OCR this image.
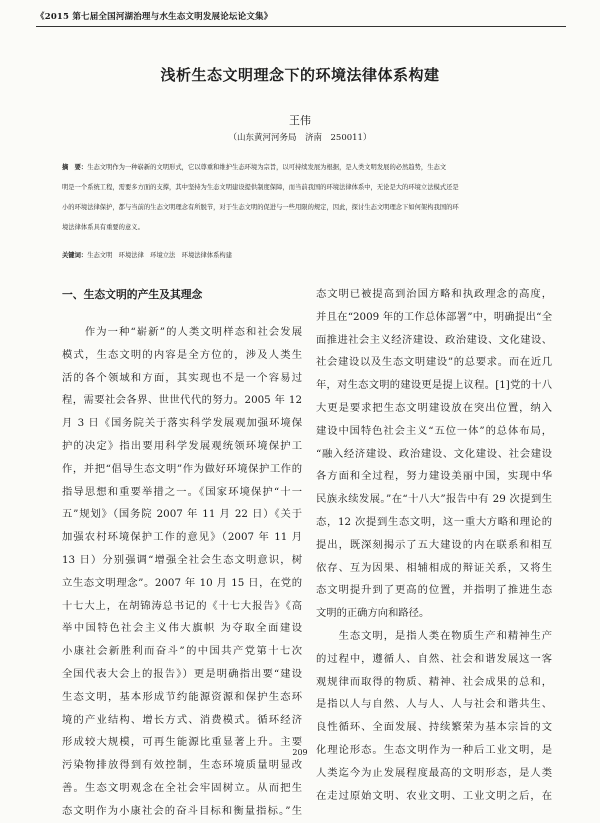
《2015 第七届全国河湖治理与水生态文明发展论坛论文集》
浅析生态文明理念下的环境法律体系构建
王伟
（山东黄河河务局　济南　250011）
摘　要：生态文明作为一种崭新的文明形式，它以尊重和维护生态环境为宗旨，以可持续发展为根据，是人类文明发展的必然趋势，生态文
明是一个系统工程，需要多方面的支撑，其中坚持为生态文明建设提供制度保障，而当前我国的环境法律体系中，无论是大的环境立法模式还是
小的环境法律保护，都与当前的生态文明理念有所脱节，对于生态文明的促进与一些用限的规定，因此，探讨生态文明理念下如何架构我国的环
境法律体系具有重要的意义。
关键词：生态文明　环境法律　环境立法　环境法律体系构建
一、生态文明的产生及其理念
　　作为一种“崭新”的人类文明样态和社会发展
模式，生态文明的内容是全方位的，涉及人类生
活的各个领域和方面，其实现也不是一个容易过
程，需要社会各界、世世代代的努力。2005 年 12
月 3 日《国务院关于落实科学发展观加强环境保
护的决定》指出要用科学发展观统领环境保护工
作，并把“倡导生态文明”作为做好环境保护工作的
指导思想和重要举措之一。《国家环境保护“十一
五”规划》（国务院 2007 年 11 月 22 日）《关于
加强农村环境保护工作的意见》（2007 年 11 月
13 日）分别强调“增强全社会生态文明意识，树
立生态文明理念”。2007 年 10 月 15 日，在党的
十七大上，在胡锦涛总书记的《十七大报告》《高
举中国特色社会主义伟大旗帜 为夺取全面建设
小康社会新胜利而奋斗”的中国共产党第十七次
全国代表大会上的报告》）更是明确指出要“建设
生态文明，基本形成节约能源资源和保护生态环
境的产业结构、增长方式、消费模式。循环经济
形成较大规模，可再生能源比重显著上升。主要
污染物排放得到有效控制，生态环境质量明显改
善。生态文明观念在全社会牢固树立。从而把生
态文明作为小康社会的奋斗目标和衡量指标。”生
态文明已被提高到治国方略和执政理念的高度，
并且在“2009 年的工作总体部署”中，明确提出“全
面推进社会主义经济建设、政治建设、文化建设、
社会建设以及生态文明建设”的总要求。而在近几
年，对生态文明的建设更是提上议程。[1]党的十八
大更是要求把生态文明建设放在突出位置，纳入
建设中国特色社会主义“五位一体”的总体布局，
“融入经济建设、政治建设、文化建设、社会建设
各方面和全过程，努力建设美丽中国，实现中华
民族永续发展。”在“十八大”报告中有 29 次提到生
态，12 次提到生态文明，这一重大方略和理论的
提出，既深刻揭示了五大建设的内在联系和相互
依存、互为因果、相辅相成的辩证关系，又将生
态文明提升到了更高的位置，并指明了推进生态
文明的正确方向和路径。
　　生态文明，是指人类在物质生产和精神生产
的过程中，遵循人、自然、社会和谐发展这一客
观规律而取得的物质、精神、社会成果的总和，
是指以人与自然、人与人、人与社会和谐共生、
良性循环、全面发展、持续繁荣为基本宗旨的文
化理论形态。生态文明作为一种后工业文明，是
人类迄今为止发展程度最高的文明形态，是人类
在走过原始文明、农业文明、工业文明之后，在
209
